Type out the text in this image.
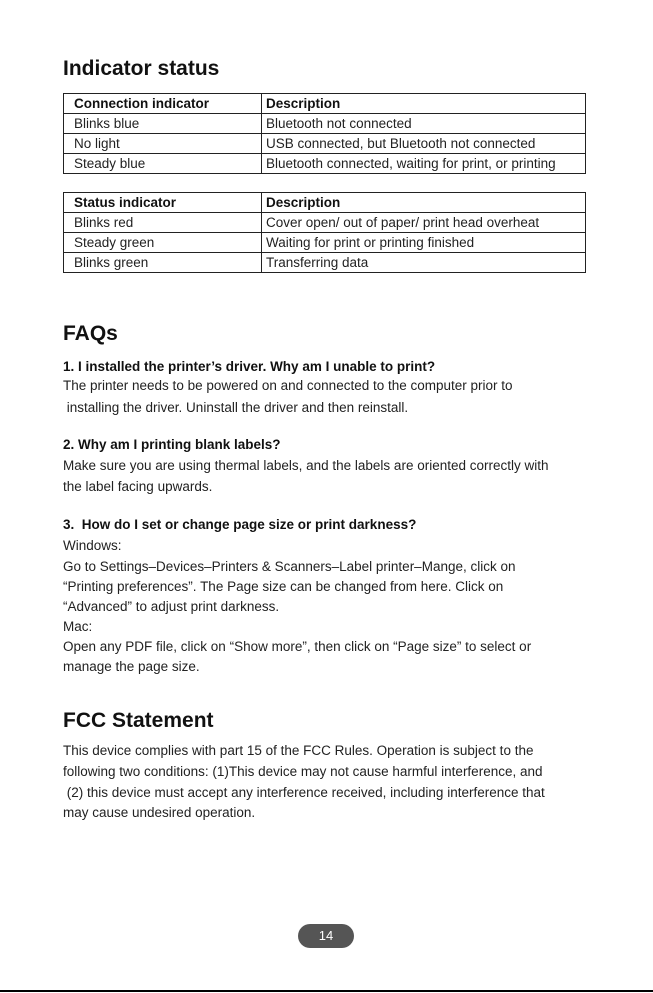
Indicator status
Connection indicator	Description
Blinks blue	Bluetooth not connected
No light	USB connected, but Bluetooth not connected
Steady blue	Bluetooth connected, waiting for print, or printing
Status indicator	Description
Blinks red	Cover open/ out of paper/ print head overheat
Steady green	Waiting for print or printing finished
Blinks green	Transferring data
FAQs

1. I installed the printer’s driver. Why am I unable to print?

The printer needs to be powered on and connected to the computer prior to

installing the driver. Uninstall the driver and then reinstall.

2. Why am I printing blank labels?

Make sure you are using thermal labels, and the labels are oriented correctly with

the label facing upwards.

3.  How do I set or change page size or print darkness?

Windows:

Go to Settings–Devices–Printers & Scanners–Label printer–Mange, click on

“Printing preferences”. The Page size can be changed from here. Click on

“Advanced” to adjust print darkness.

Mac:

Open any PDF file, click on “Show more”, then click on “Page size” to select or

manage the page size.

FCC Statement

This device complies with part 15 of the FCC Rules. Operation is subject to the

following two conditions: (1)This device may not cause harmful interference, and

(2) this device must accept any interference received, including interference that

may cause undesired operation.

14
